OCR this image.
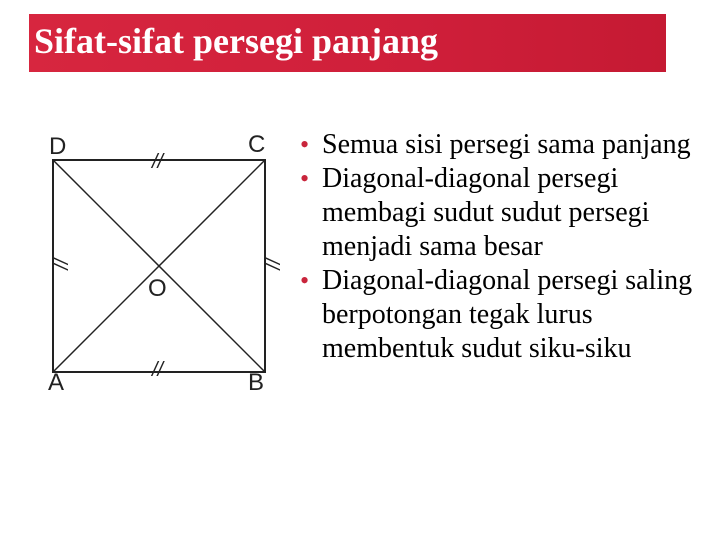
Sifat-sifat persegi panjang
//
//
//	//
D	C
A	B
O
• Semua sisi persegi sama panjang
• Diagonal-diagonal persegi membagi sudut sudut persegi menjadi sama besar
• Diagonal-diagonal persegi saling berpotongan tegak lurus membentuk sudut siku-siku
